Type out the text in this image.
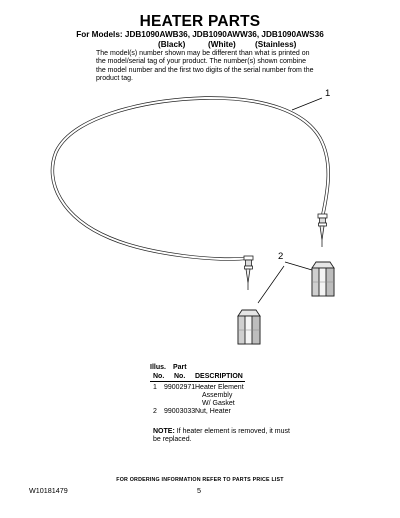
HEATER PARTS
For Models: JDB1090AWB36, JDB1090AWW36, JDB1090AWS36
(Black)	(White) (Stainless)
The model(s) number shown may be different than what is printed on the model/serial tag of your product. The number(s) shown combine the model number and the first two digits of the serial number from the product tag.
1
2
Illus.
No.
Part
No. DESCRIPTION
1 99002971 Heater Element
Assembly
W/ Gasket
2 99003033 Nut, Heater
NOTE: If heater element is removed, it must be replaced.
FOR ORDERING INFORMATION REFER TO PARTS PRICE LIST
W10181479	5
